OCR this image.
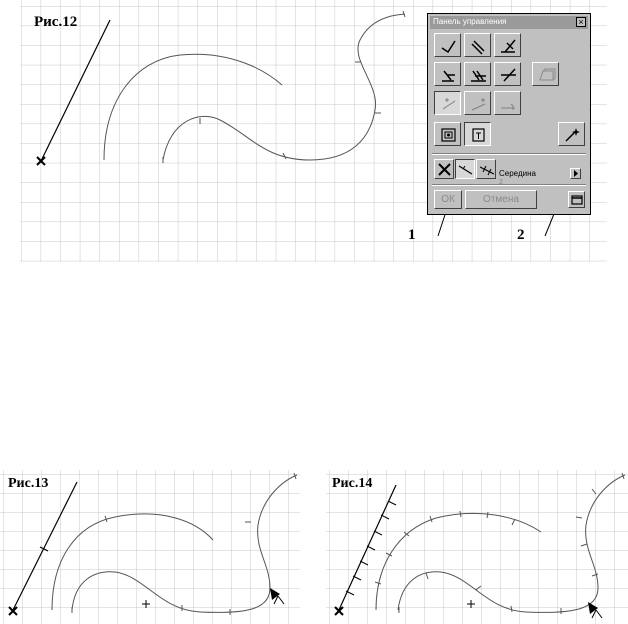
Рис.12
1	2
Панель управления	×
Середина
2
ОК	Отмена
Рис.13	Рис.14
